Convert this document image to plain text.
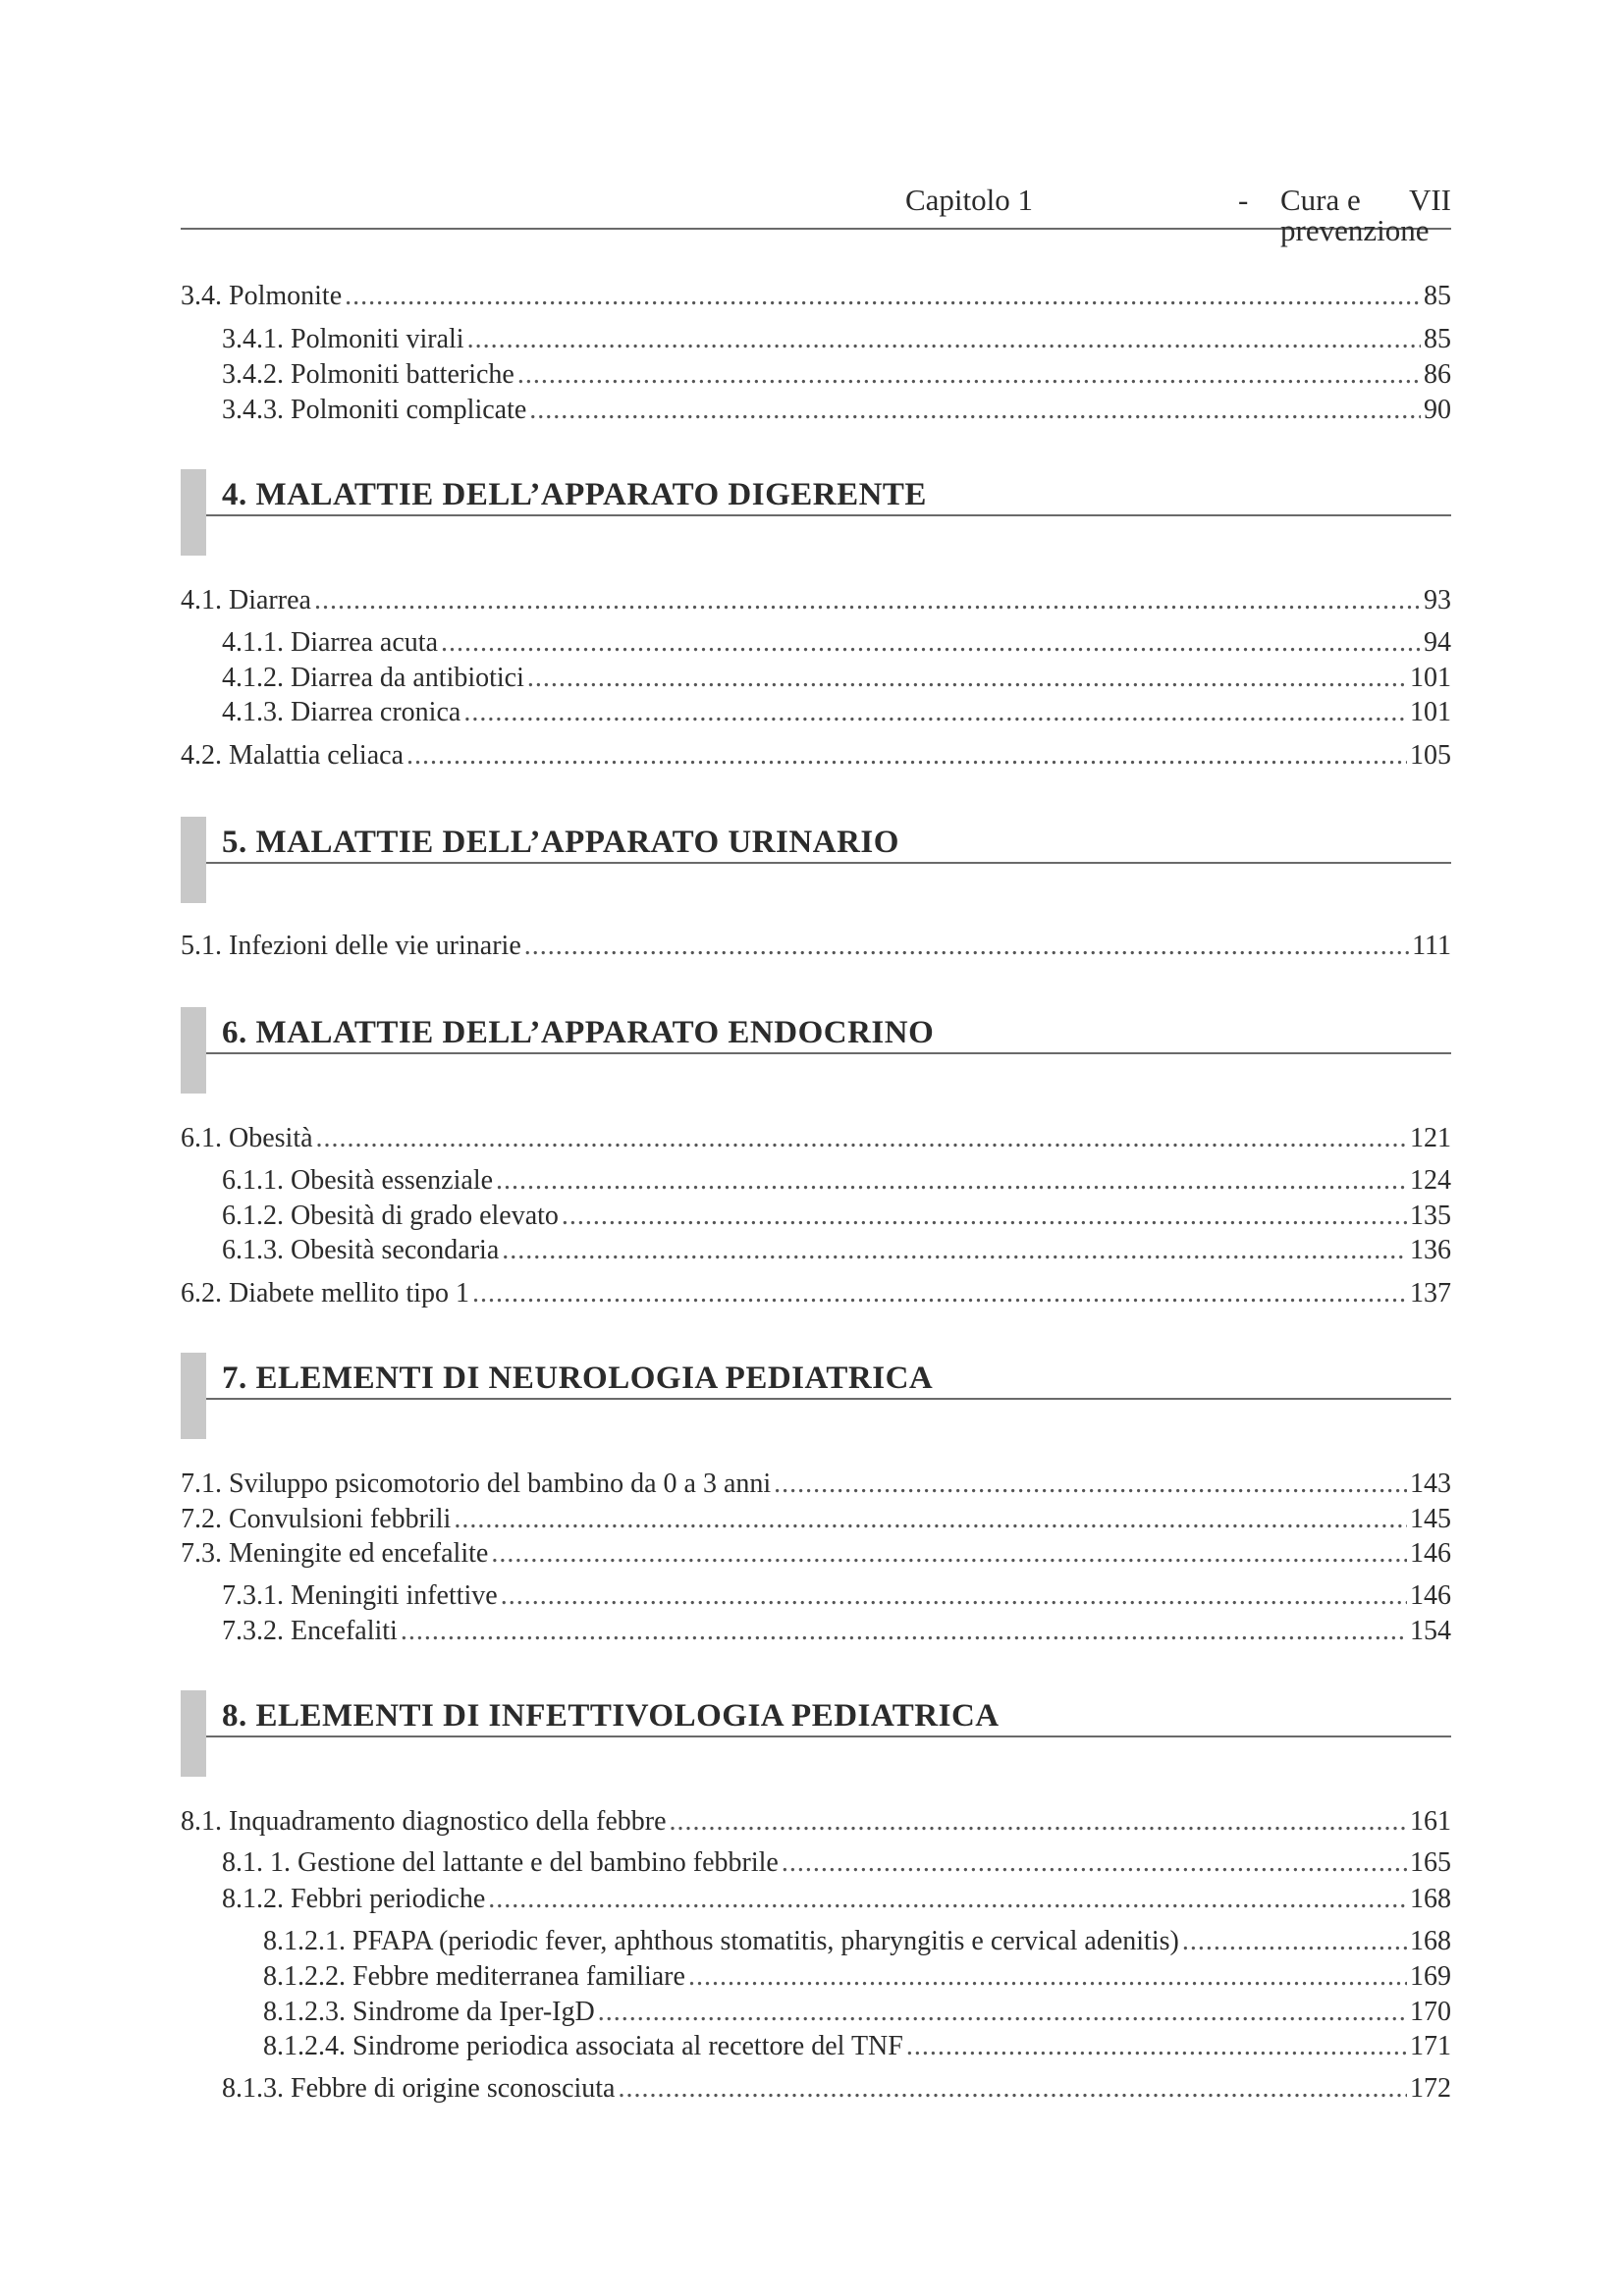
Capitolo 1	- Cura e prevenzione
VII
3.4. Polmonite .....	85
3.4.1. Polmoniti virali .....	85
3.4.2. Polmoniti batteriche .....	86
3.4.3. Polmoniti complicate .....	90
4. MALATTIE DELL’APPARATO DIGERENTE
4.1. Diarrea .....	93
4.1.1. Diarrea acuta .....	94
4.1.2. Diarrea da antibiotici .....	101
4.1.3. Diarrea cronica .....	101
4.2. Malattia celiaca .....	105
5. MALATTIE DELL’APPARATO URINARIO
5.1. Infezioni delle vie urinarie .....	111
6. MALATTIE DELL’APPARATO ENDOCRINO
6.1. Obesità .....	121
6.1.1. Obesità essenziale .....	124
6.1.2. Obesità di grado elevato .....	135
6.1.3. Obesità secondaria .....	136
6.2. Diabete mellito tipo 1 .....	137
7. ELEMENTI DI NEUROLOGIA PEDIATRICA
7.1. Sviluppo psicomotorio del bambino da 0 a 3 anni .....	143
7.2. Convulsioni febbrili .....	145
7.3. Meningite ed encefalite .....	146
7.3.1. Meningiti infettive .....	146
7.3.2. Encefaliti .....	154
8. ELEMENTI DI INFETTIVOLOGIA PEDIATRICA
8.1. Inquadramento diagnostico della febbre .....	161
8.1. 1. Gestione del lattante e del bambino febbrile .....	165
8.1.2. Febbri periodiche .....	168
8.1.2.1. PFAPA (periodic fever, aphthous stomatitis, pharyngitis e cervical adenitis) .....	168
8.1.2.2. Febbre mediterranea familiare .....	169
8.1.2.3. Sindrome da Iper-IgD .....	170
8.1.2.4. Sindrome periodica associata al recettore del TNF .....	171
8.1.3. Febbre di origine sconosciuta .....	172
